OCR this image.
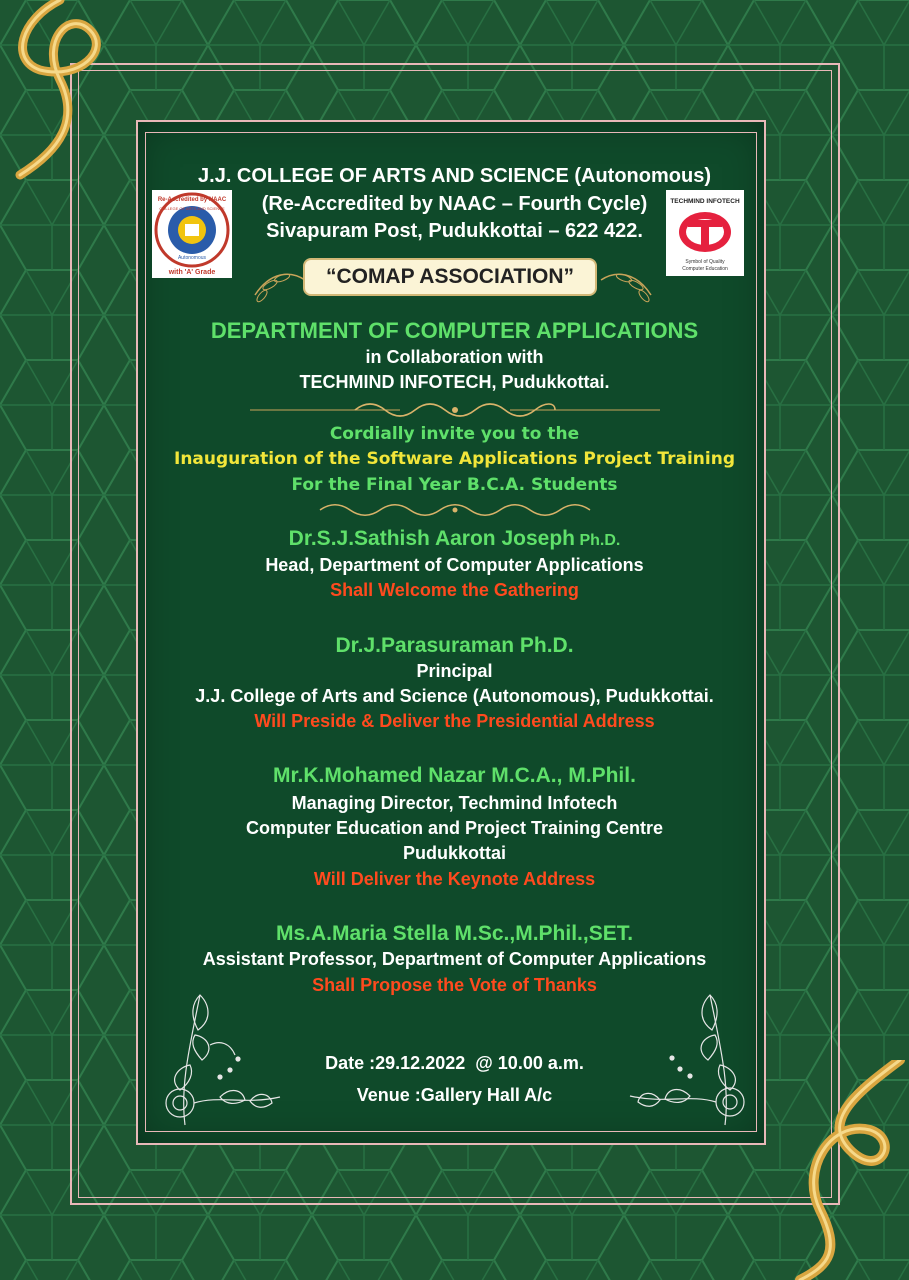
Re-Accredited by NAAC
COLLEGE OF ARTS AND SCIENCE
Autonomous
with 'A' Grade
TECHMIND INFOTECH
Symbol of Quality
Computer Education
J.J. COLLEGE OF ARTS AND SCIENCE (Autonomous)
(Re-Accredited by NAAC – Fourth Cycle)
Sivapuram Post, Pudukkottai – 622 422.
“COMAP ASSOCIATION”
DEPARTMENT OF COMPUTER APPLICATIONS
in Collaboration with
TECHMIND INFOTECH, Pudukkottai.
Cordially invite you to the
Inauguration of the Software Applications Project Training
For the Final Year B.C.A. Students
Dr.S.J.Sathish Aaron Joseph Ph.D.
Head, Department of Computer Applications
Shall Welcome the Gathering
Dr.J.Parasuraman Ph.D.
Principal
J.J. College of Arts and Science (Autonomous), Pudukkottai.
Will Preside & Deliver the Presidential Address
Mr.K.Mohamed Nazar M.C.A., M.Phil.
Managing Director, Techmind Infotech
Computer Education and Project Training Centre
Pudukkottai
Will Deliver the Keynote Address
Ms.A.Maria Stella M.Sc.,M.Phil.,SET.
Assistant Professor, Department of Computer Applications
Shall Propose the Vote of Thanks
Date :29.12.2022  @ 10.00 a.m.
Venue :Gallery Hall A/c
